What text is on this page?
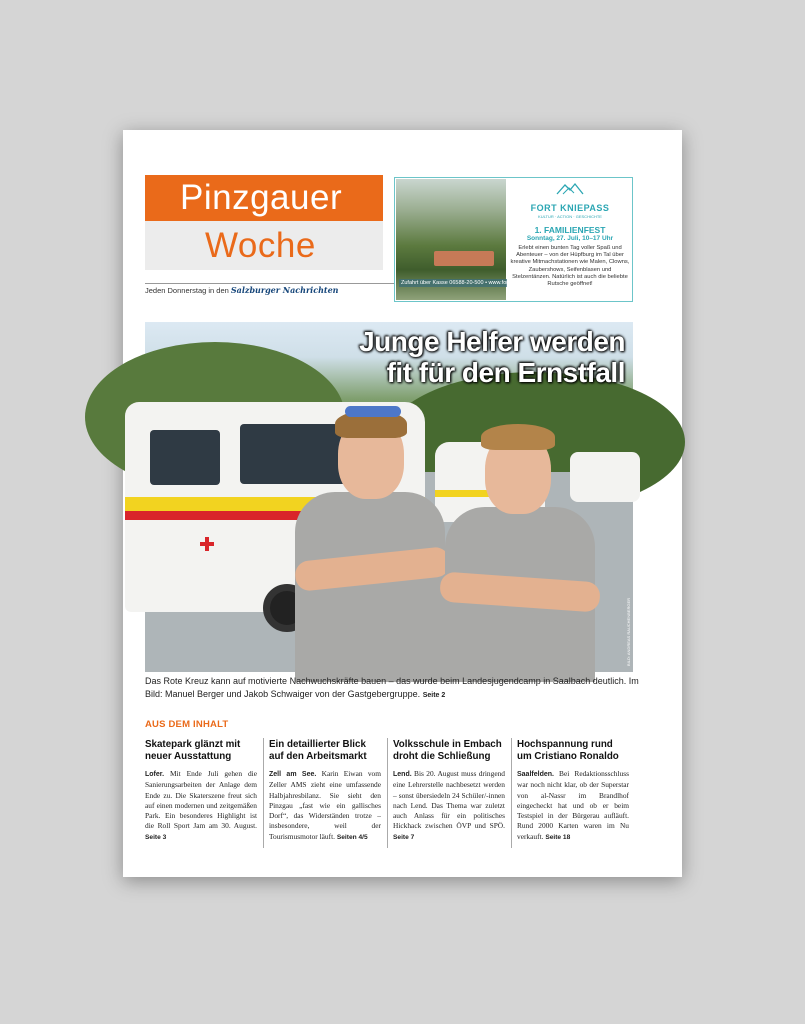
Pinzgauer
Woche
Jeden Donnerstag in den Salzburger Nachrichten
Zufahrt über Kasse 06588-20-500 • www.fort-kniepass.at
FORT KNIEPASS
KULTUR · ACTION · GESCHICHTE
1. FAMILIENFEST
Sonntag, 27. Juli, 10–17 Uhr
Erlebt einen bunten Tag voller Spaß und Abenteuer – von der Hüpfburg im Tal über kreative Mitmachstationen wie Malen, Clowns, Zaubershows, Seifenblasen und Stelzentänzen. Natürlich ist auch die beliebte Rutsche geöffnet!
Junge Helfer werden
fit für den Ernstfall
BILD: ANDREAS RAUCHENBERGER
Das Rote Kreuz kann auf motivierte Nachwuchskräfte bauen – das wurde beim Landesjugendcamp in Saalbach deutlich. Im Bild: Manuel Berger und Jakob Schwaiger von der Gastgebergruppe. Seite 2
AUS DEM INHALT
Skatepark glänzt mit neuer Ausstattung

Lofer. Mit Ende Juli gehen die Sanierungsarbeiten der Anlage dem Ende zu. Die Skaterszene freut sich auf einen modernen und zeitgemäßen Park. Ein besonderes Highlight ist die Roll Sport Jam am 30. August. Seite 3

Ein detaillierter Blick auf den Arbeitsmarkt

Zell am See. Karin Eiwan vom Zeller AMS zieht eine umfassende Halbjahresbilanz. Sie sieht den Pinzgau „fast wie ein gallisches Dorf“, das Widerständen trotze – insbesondere, weil der Tourismusmotor läuft. Seiten 4/5

Volksschule in Embach droht die Schließung

Lend. Bis 20. August muss dringend eine Lehrerstelle nachbesetzt werden – sonst übersiedeln 24 Schüler/-innen nach Lend. Das Thema war zuletzt auch Anlass für ein politisches Hickhack zwischen ÖVP und SPÖ. Seite 7

Hochspannung rund um Cristiano Ronaldo

Saalfelden. Bei Redaktionsschluss war noch nicht klar, ob der Superstar von al-Nassr im Brandlhof eingecheckt hat und ob er beim Testspiel in der Bürgerau aufläuft. Rund 2000 Karten waren im Nu verkauft. Seite 18
